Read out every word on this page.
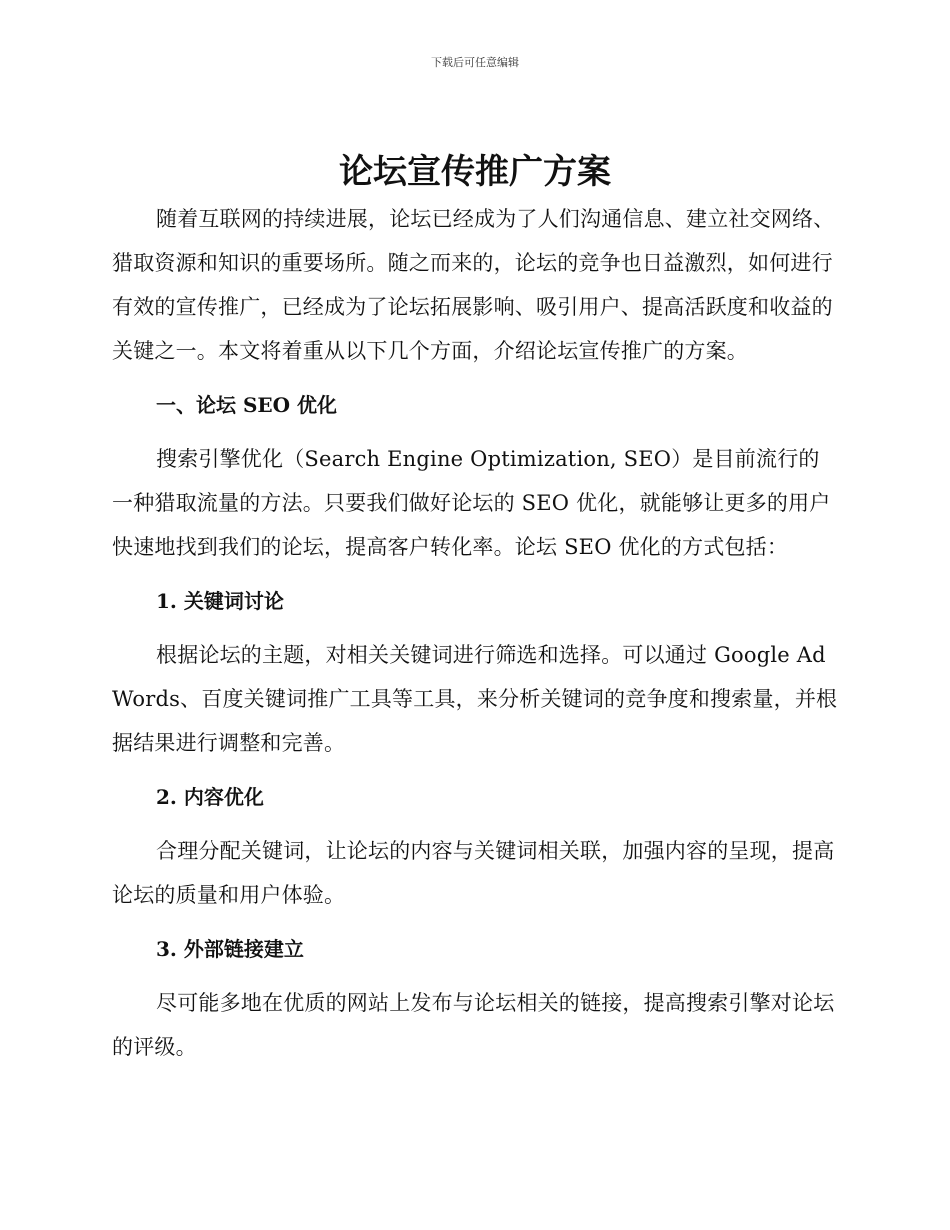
下载后可任意编辑
论坛宣传推广方案

随着互联网的持续进展，论坛已经成为了人们沟通信息、建立社交网络、猎取资源和知识的重要场所。随之而来的，论坛的竞争也日益激烈，如何进行有效的宣传推广，已经成为了论坛拓展影响、吸引用户、提高活跃度和收益的关键之一。本文将着重从以下几个方面，介绍论坛宣传推广的方案。

一、论坛 SEO 优化

搜索引擎优化（Search Engine Optimization, SEO）是目前流行的一种猎取流量的方法。只要我们做好论坛的 SEO 优化，就能够让更多的用户快速地找到我们的论坛，提高客户转化率。论坛 SEO 优化的方式包括：

1. 关键词讨论

根据论坛的主题，对相关关键词进行筛选和选择。可以通过 Google AdWords、百度关键词推广工具等工具，来分析关键词的竞争度和搜索量，并根据结果进行调整和完善。

2. 内容优化

合理分配关键词，让论坛的内容与关键词相关联，加强内容的呈现，提高论坛的质量和用户体验。

3. 外部链接建立

尽可能多地在优质的网站上发布与论坛相关的链接，提高搜索引擎对论坛的评级。
